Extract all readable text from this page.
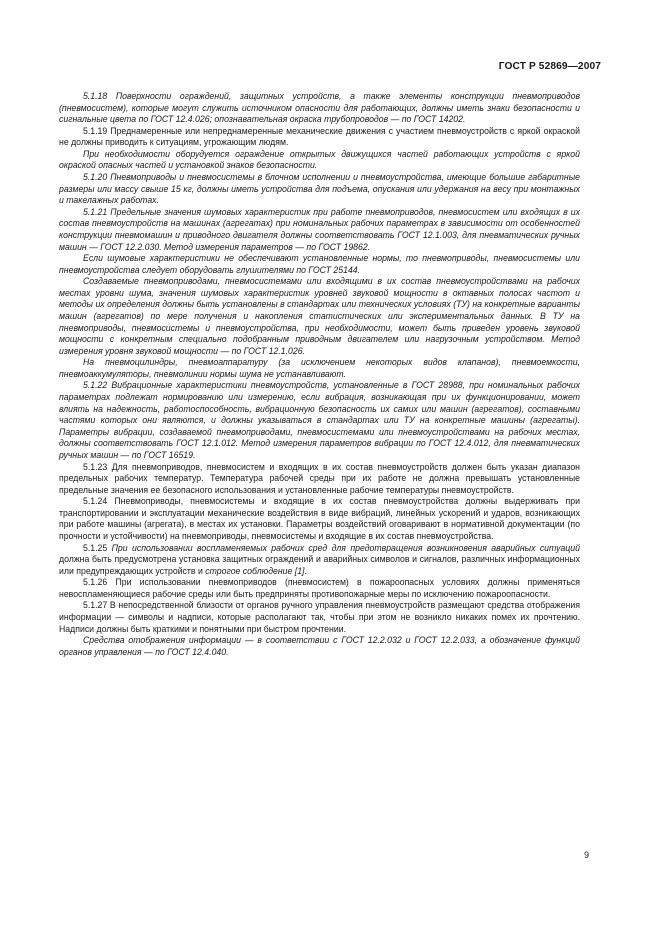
ГОСТ Р 52869—2007

5.1.18 Поверхности ограждений, защитных устройств, а также элементы конструкции пневмоприводов (пневмосистем), которые могут служить источником опасности для работающих, должны иметь знаки безопасности и сигнальные цвета по ГОСТ 12.4.026; опознавательная окраска трубопроводов — по ГОСТ 14202.

5.1.19 Преднамеренные или непреднамеренные механические движения с участием пневмоустройств с яркой окраской не должны приводить к ситуациям, угрожающим людям.

При необходимости оборудуется ограждение открытых движущихся частей работающих устройств с яркой окраской опасных частей и установкой знаков безопасности.

5.1.20 Пневмоприводы и пневмосистемы в блочном исполнении и пневмоустройства, имеющие большие габаритные размеры или массу свыше 15 кг, должны иметь устройства для подъема, опускания или удержания на весу при монтажных и такелажных работах.

5.1.21 Предельные значения шумовых характеристик при работе пневмоприводов, пневмосистем или входящих в их состав пневмоустройств на машинах (агрегатах) при номинальных рабочих параметрах в зависимости от особенностей конструкции пневмомашин и приводного двигателя должны соответствовать ГОСТ 12.1.003, для пневматических ручных машин — ГОСТ 12.2.030. Метод измерения параметров — по ГОСТ 19862.

Если шумовые характеристики не обеспечивают установленные нормы, то пневмоприводы, пневмосистемы или пневмоустройства следует оборудовать глушителями по ГОСТ 25144.

Создаваемые пневмоприводами, пневмосистемами или входящими в их состав пневмоустройствами на рабочих местах уровни шума, значения шумовых характеристик уровней звуковой мощности в октавных полосах частот и методы их определения должны быть установлены в стандартах или технических условиях (ТУ) на конкретные варианты машин (агрегатов) по мере получения и накопления статистических или экспериментальных данных. В ТУ на пневмоприводы, пневмосистемы и пневмоустройства, при необходимости, может быть приведен уровень звуковой мощности с конкретным специально подобранным приводным двигателем или нагрузочным устройством. Метод измерения уровня звуковой мощности — по ГОСТ 12.1.026.

На пневмоцилиндры, пневмоаппаратуру (за исключением некоторых видов клапанов), пневмоемкости, пневмоаккумуляторы, пневмолинии нормы шума не устанавливают.

5.1.22 Вибрационные характеристики пневмоустройств, установленные в ГОСТ 28988, при номинальных рабочих параметрах подлежат нормированию или измерению, если вибрация, возникающая при их функционировании, может влиять на надежность, работоспособность, вибрационную безопасность их самих или машин (агрегатов), составными частями которых они являются, и должны указываться в стандартах или ТУ на конкретные машины (агрегаты). Параметры вибрации, создаваемой пневмоприводами, пневмосистемами или пневмоустройствами на рабочих местах, должны соответствовать ГОСТ 12.1.012. Метод измерения параметров вибрации по ГОСТ 12.4.012, для пневматических ручных машин — по ГОСТ 16519.

5.1.23 Для пневмоприводов, пневмосистем и входящих в их состав пневмоустройств должен быть указан диапазон предельных рабочих температур. Температура рабочей среды при их работе не должна превышать установленные предельные значения ее безопасного использования и установленные рабочие температуры пневмоустройств.

5.1.24 Пневмоприводы, пневмосистемы и входящие в их состав пневмоустройства должны выдерживать при транспортировании и эксплуатации механические воздействия в виде вибраций, линейных ускорений и ударов, возникающих при работе машины (агрегата), в местах их установки. Параметры воздействий оговаривают в нормативной документации (по прочности и устойчивости) на пневмоприводы, пневмосистемы и входящие в их состав пневмоустройства.

5.1.25 При использовании воспламеняемых рабочих сред для предотвращения возникновения аварийных ситуаций должна быть предусмотрена установка защитных ограждений и аварийных символов и сигналов, различных информационных или предупреждающих устройств и строгое соблюдение [1].

5.1.26 При использовании пневмоприводов (пневмосистем) в пожароопасных условиях должны применяться невоспламеняющиеся рабочие среды или быть предприняты противопожарные меры по исключению пожароопасности.

5.1.27 В непосредственной близости от органов ручного управления пневмоустройств размещают средства отображения информации — символы и надписи, которые располагают так, чтобы при этом не возникло никаких помех их прочтению. Надписи должны быть краткими и понятными при быстром прочтении.

Средства отображения информации — в соответствии с ГОСТ 12.2.032 и ГОСТ 12.2.033, а обозначение функций органов управления — по ГОСТ 12.4.040.

9
